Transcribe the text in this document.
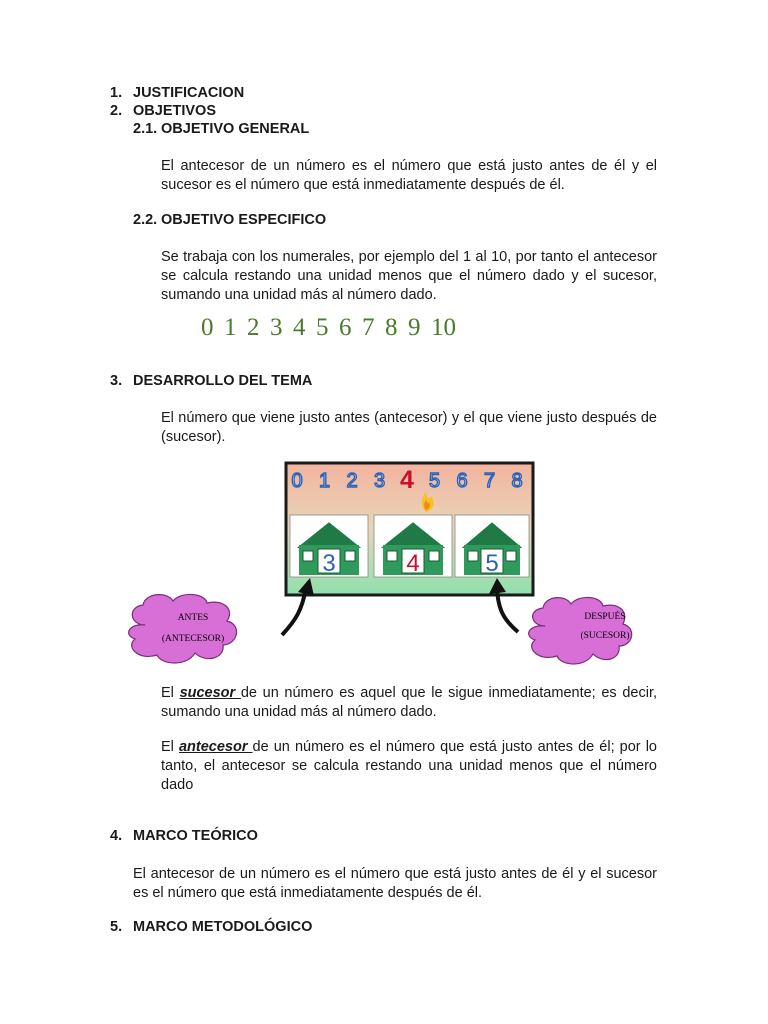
1. JUSTIFICACION
2. OBJETIVOS
2.1. OBJETIVO GENERAL
El antecesor de un número es el número que está justo antes de él y el sucesor es el número que está inmediatamente después de él.
2.2. OBJETIVO ESPECIFICO
Se trabaja con los numerales, por ejemplo del 1 al 10, por tanto el antecesor se calcula restando una unidad menos que el número dado y el sucesor, sumando una unidad más al número dado.
0 1 2 3 4 5 6 7 8 9 10
3. DESARROLLO DEL TEMA
El número que viene justo antes (antecesor) y el que viene justo después de (sucesor).
0 1 2 3 4 5 6 7 8
3	4	5
ANTES
(ANTECESOR)
DESPUÉS
(SUCESOR)
El sucesor de un número es aquel que le sigue inmediatamente; es decir, sumando una unidad más al número dado.
El antecesor de un número es el número que está justo antes de él; por lo tanto, el antecesor se calcula restando una unidad menos que el número dado
4. MARCO TEÓRICO
El antecesor de un número es el número que está justo antes de él y el sucesor es el número que está inmediatamente después de él.
5. MARCO METODOLÓGICO
